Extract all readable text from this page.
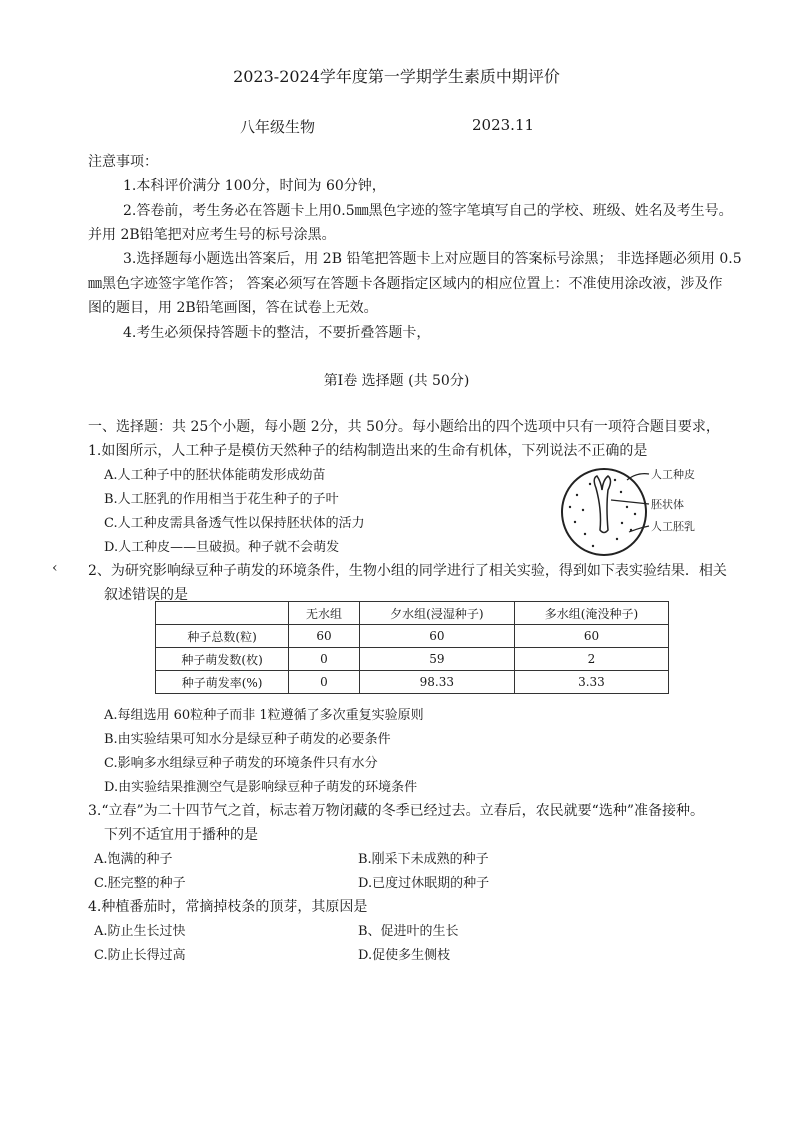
2023-2024学年度第一学期学生素质中期评价
八年级生物	2023.11
注意事项：
1.本科评价满分 100分，时间为 60分钟，
2.答卷前，考生务必在答题卡上用0.5㎜黑色字迹的签字笔填写自己的学校、班级、姓名及考生号。
并用 2B铅笔把对应考生号的标号涂黑。
3.选择题每小题选出答案后，用 2B 铅笔把答题卡上对应题目的答案标号涂黑； 非选择题必须用 0.5
㎜黑色字迹签字笔作答； 答案必须写在答题卡各题指定区域内的相应位置上：不准使用涂改液，涉及作
图的题目，用 2B铅笔画图，答在试卷上无效。
4.考生必须保持答题卡的整洁，不要折叠答题卡，
第Ⅰ卷 选择题 (共 50分)
一、选择题：共 25个小题，每小题 2分，共 50分。每小题给出的四个选项中只有一项符合题目要求，
1.如图所示，人工种子是模仿天然种子的结构制造出来的生命有机体，下列说法不正确的是
A.人工种子中的胚状体能萌发形成幼苗
B.人工胚乳的作用相当于花生种子的子叶
C.人工种皮需具备透气性以保持胚状体的活力
D.人工种皮——旦破损。种子就不会萌发
人工种皮
胚状体
人工胚乳
‹ 2、为研究影响绿豆种子萌发的环境条件，生物小组的同学进行了相关实验，得到如下表实验结果．相关
叙述错误的是
	无水组	夕水组(浸湿种子)	多水组(淹没种子)
种子总数(粒)	60	60	60
种子萌发数(枚)	0	59	2
种子萌发率(%)	0	98.33	3.33
A.每组选用 60粒种子而非 1粒遵循了多次重复实验原则
B.由实验结果可知水分是绿豆种子萌发的必要条件
C.影响多水组绿豆种子萌发的环境条件只有水分
D.由实验结果推测空气是影响绿豆种子萌发的环境条件
3.“立春”为二十四节气之首，标志着万物闭藏的冬季已经过去。立春后，农民就要“选种”准备接种。
下列不适宜用于播种的是
A.饱满的种子	B.刚采下未成熟的种子
C.胚完整的种子	D.已度过休眠期的种子
4.种植番茄时，常摘掉枝条的顶芽，其原因是
A.防止生长过快	B、促进叶的生长
C.防止长得过高	D.促使多生侧枝
